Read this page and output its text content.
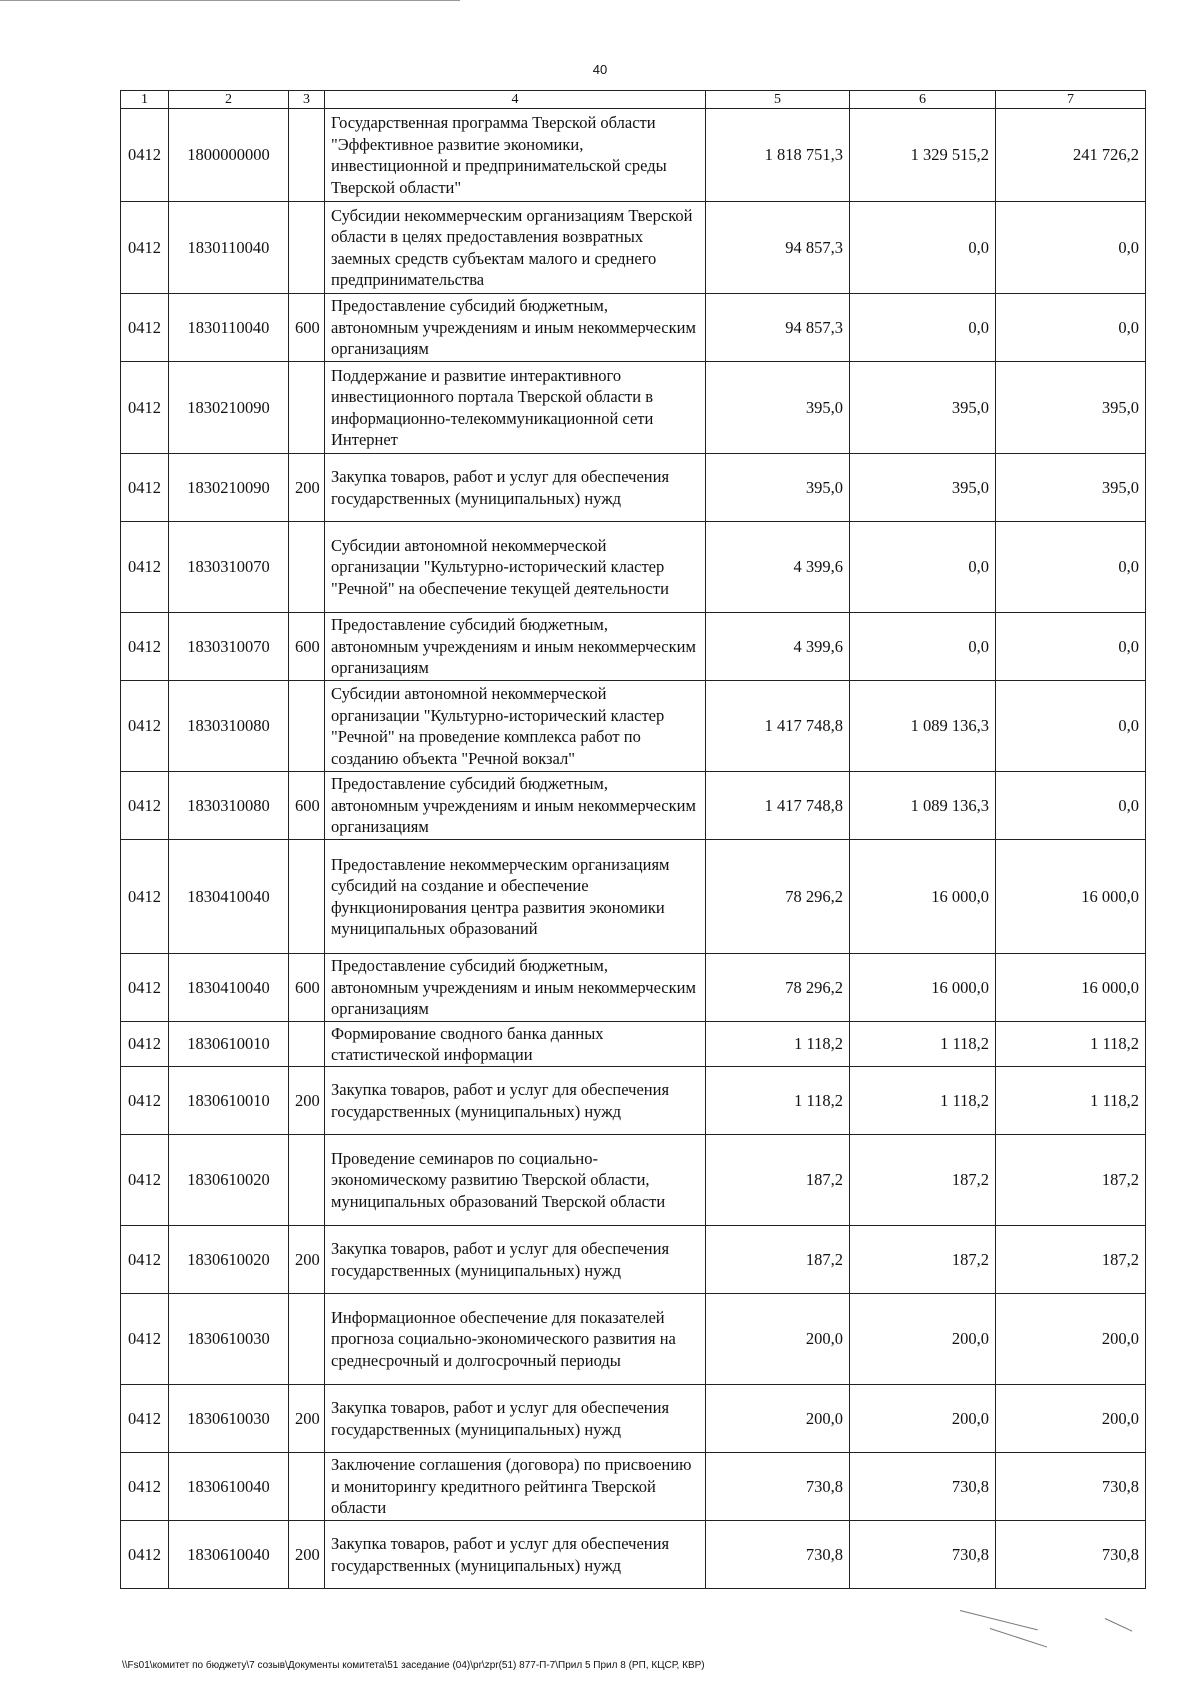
40
1	2	3	4	5	6	7
0412	1800000000		Государственная программа Тверской области "Эффективное развитие экономики, инвестиционной и предпринимательской среды Тверской области"	1 818 751,3	1 329 515,2	241 726,2
0412	1830110040		Субсидии некоммерческим организациям Тверской области в целях предоставления возвратных заемных средств субъектам малого и среднего предпринимательства	94 857,3	0,0	0,0
0412	1830110040	600	Предоставление субсидий бюджетным, автономным учреждениям и иным некоммерческим организациям	94 857,3	0,0	0,0
0412	1830210090		Поддержание и развитие интерактивного инвестиционного портала Тверской области в информационно-телекоммуникационной сети Интернет	395,0	395,0	395,0
0412	1830210090	200	Закупка товаров, работ и услуг для обеспечения государственных (муниципальных) нужд	395,0	395,0	395,0
0412	1830310070		Субсидии автономной некоммерческой организации "Культурно-исторический кластер "Речной" на обеспечение текущей деятельности	4 399,6	0,0	0,0
0412	1830310070	600	Предоставление субсидий бюджетным, автономным учреждениям и иным некоммерческим организациям	4 399,6	0,0	0,0
0412	1830310080		Субсидии автономной некоммерческой организации "Культурно-исторический кластер "Речной" на проведение комплекса работ по созданию объекта "Речной вокзал"	1 417 748,8	1 089 136,3	0,0
0412	1830310080	600	Предоставление субсидий бюджетным, автономным учреждениям и иным некоммерческим организациям	1 417 748,8	1 089 136,3	0,0
0412	1830410040		Предоставление некоммерческим организациям субсидий на создание и обеспечение функционирования центра развития экономики муниципальных образований	78 296,2	16 000,0	16 000,0
0412	1830410040	600	Предоставление субсидий бюджетным, автономным учреждениям и иным некоммерческим организациям	78 296,2	16 000,0	16 000,0
0412	1830610010		Формирование сводного банка данных статистической информации	1 118,2	1 118,2	1 118,2
0412	1830610010	200	Закупка товаров, работ и услуг для обеспечения государственных (муниципальных) нужд	1 118,2	1 118,2	1 118,2
0412	1830610020		Проведение семинаров по социально-экономическому развитию Тверской области, муниципальных образований Тверской области	187,2	187,2	187,2
0412	1830610020	200	Закупка товаров, работ и услуг для обеспечения государственных (муниципальных) нужд	187,2	187,2	187,2
0412	1830610030		Информационное обеспечение для показателей прогноза социально-экономического развития на среднесрочный и долгосрочный периоды	200,0	200,0	200,0
0412	1830610030	200	Закупка товаров, работ и услуг для обеспечения государственных (муниципальных) нужд	200,0	200,0	200,0
0412	1830610040		Заключение соглашения (договора) по присвоению и мониторингу кредитного рейтинга Тверской области	730,8	730,8	730,8
0412	1830610040	200	Закупка товаров, работ и услуг для обеспечения государственных (муниципальных) нужд	730,8	730,8	730,8
\\Fs01\комитет по бюджету\7 созыв\Документы комитета\51 заседание (04)\pr\zpr(51) 877-П-7\Прил 5 Прил 8 (РП, КЦСР, КВР)
